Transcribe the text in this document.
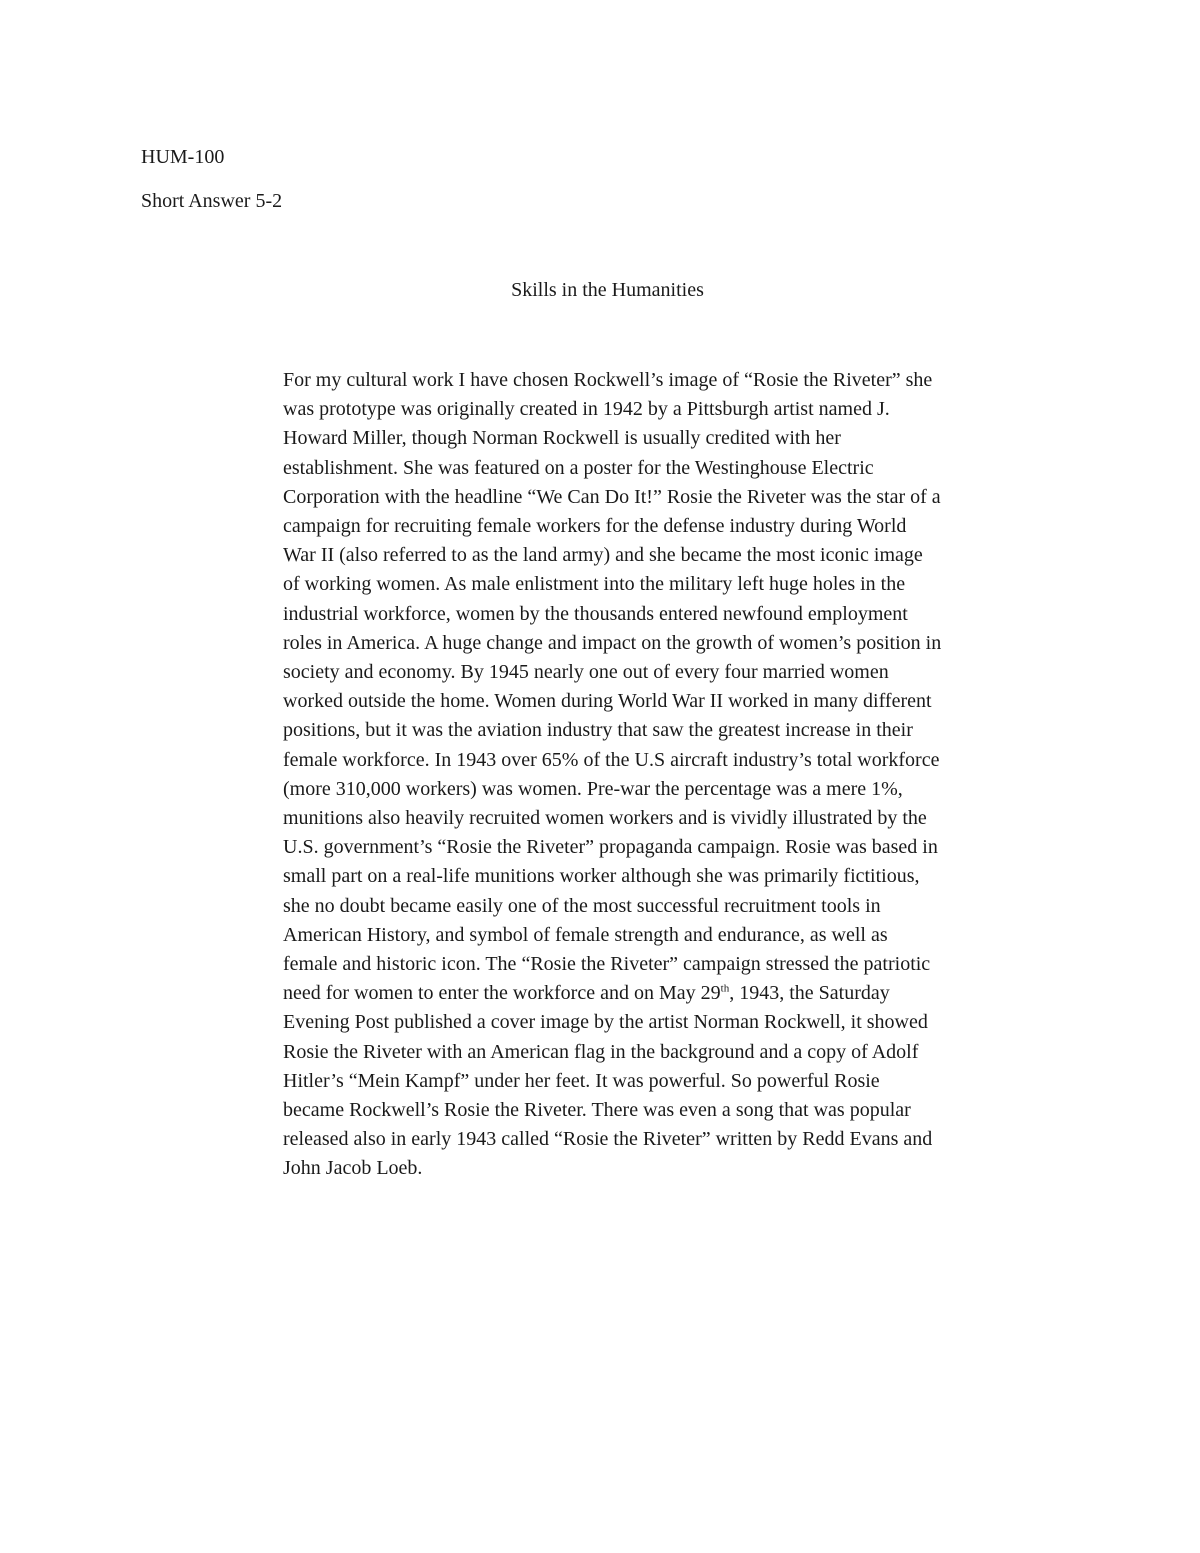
HUM-100
Short Answer 5-2
Skills in the Humanities
For my cultural work I have chosen Rockwell’s image of “Rosie the Riveter” she
was prototype was originally created in 1942 by a Pittsburgh artist named J.
Howard Miller, though Norman Rockwell is usually credited with her
establishment. She was featured on a poster for the Westinghouse Electric
Corporation with the headline “We Can Do It!” Rosie the Riveter was the star of a
campaign for recruiting female workers for the defense industry during World
War II (also referred to as the land army) and she became the most iconic image
of working women. As male enlistment into the military left huge holes in the
industrial workforce, women by the thousands entered newfound employment
roles in America. A huge change and impact on the growth of women’s position in
society and economy. By 1945 nearly one out of every four married women
worked outside the home. Women during World War II worked in many different
positions, but it was the aviation industry that saw the greatest increase in their
female workforce. In 1943 over 65% of the U.S aircraft industry’s total workforce
(more 310,000 workers) was women. Pre-war the percentage was a mere 1%,
munitions also heavily recruited women workers and is vividly illustrated by the
U.S. government’s “Rosie the Riveter” propaganda campaign. Rosie was based in
small part on a real-life munitions worker although she was primarily fictitious,
she no doubt became easily one of the most successful recruitment tools in
American History, and symbol of female strength and endurance, as well as
female and historic icon. The “Rosie the Riveter” campaign stressed the patriotic
need for women to enter the workforce and on May 29th, 1943, the Saturday
Evening Post published a cover image by the artist Norman Rockwell, it showed
Rosie the Riveter with an American flag in the background and a copy of Adolf
Hitler’s “Mein Kampf” under her feet. It was powerful. So powerful Rosie
became Rockwell’s Rosie the Riveter. There was even a song that was popular
released also in early 1943 called “Rosie the Riveter” written by Redd Evans and
John Jacob Loeb.
